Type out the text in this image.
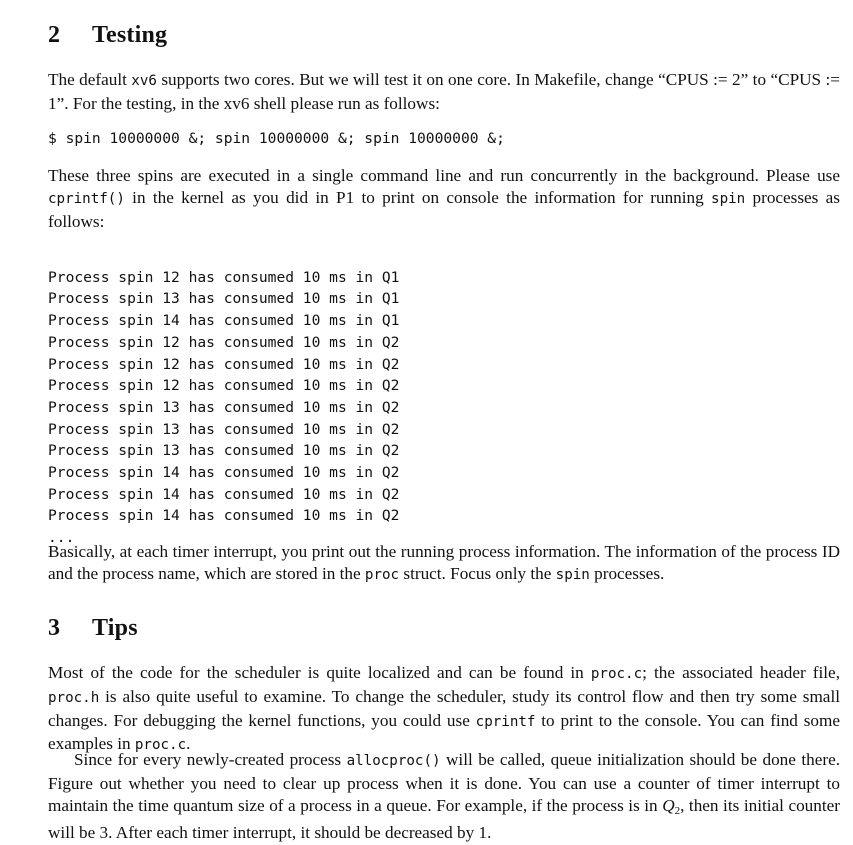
2 Testing
The default xv6 supports two cores. But we will test it on one core. In Makefile, change “CPUS := 2” to “CPUS := 1”. For the testing, in the xv6 shell please run as follows:
$ spin 10000000 &; spin 10000000 &; spin 10000000 &;
These three spins are executed in a single command line and run concurrently in the background. Please use cprintf() in the kernel as you did in P1 to print on console the information for running spin processes as follows:

Process spin 12 has consumed 10 ms in Q1
Process spin 13 has consumed 10 ms in Q1
Process spin 14 has consumed 10 ms in Q1
Process spin 12 has consumed 10 ms in Q2
Process spin 12 has consumed 10 ms in Q2
Process spin 12 has consumed 10 ms in Q2
Process spin 13 has consumed 10 ms in Q2
Process spin 13 has consumed 10 ms in Q2
Process spin 13 has consumed 10 ms in Q2
Process spin 14 has consumed 10 ms in Q2
Process spin 14 has consumed 10 ms in Q2
Process spin 14 has consumed 10 ms in Q2
...

Basically, at each timer interrupt, you print out the running process information. The information of the process ID and the process name, which are stored in the proc struct. Focus only the spin processes.
3 Tips
Most of the code for the scheduler is quite localized and can be found in proc.c; the associated header file, proc.h is also quite useful to examine. To change the scheduler, study its control flow and then try some small changes. For debugging the kernel functions, you could use cprintf to print to the console. You can find some examples in proc.c.
Since for every newly-created process allocproc() will be called, queue initialization should be done there. Figure out whether you need to clear up process when it is done. You can use a counter of timer interrupt to maintain the time quantum size of a process in a queue. For example, if the process is in $Q_2$, then its initial counter will be 3. After each timer interrupt, it should be decreased by 1.
